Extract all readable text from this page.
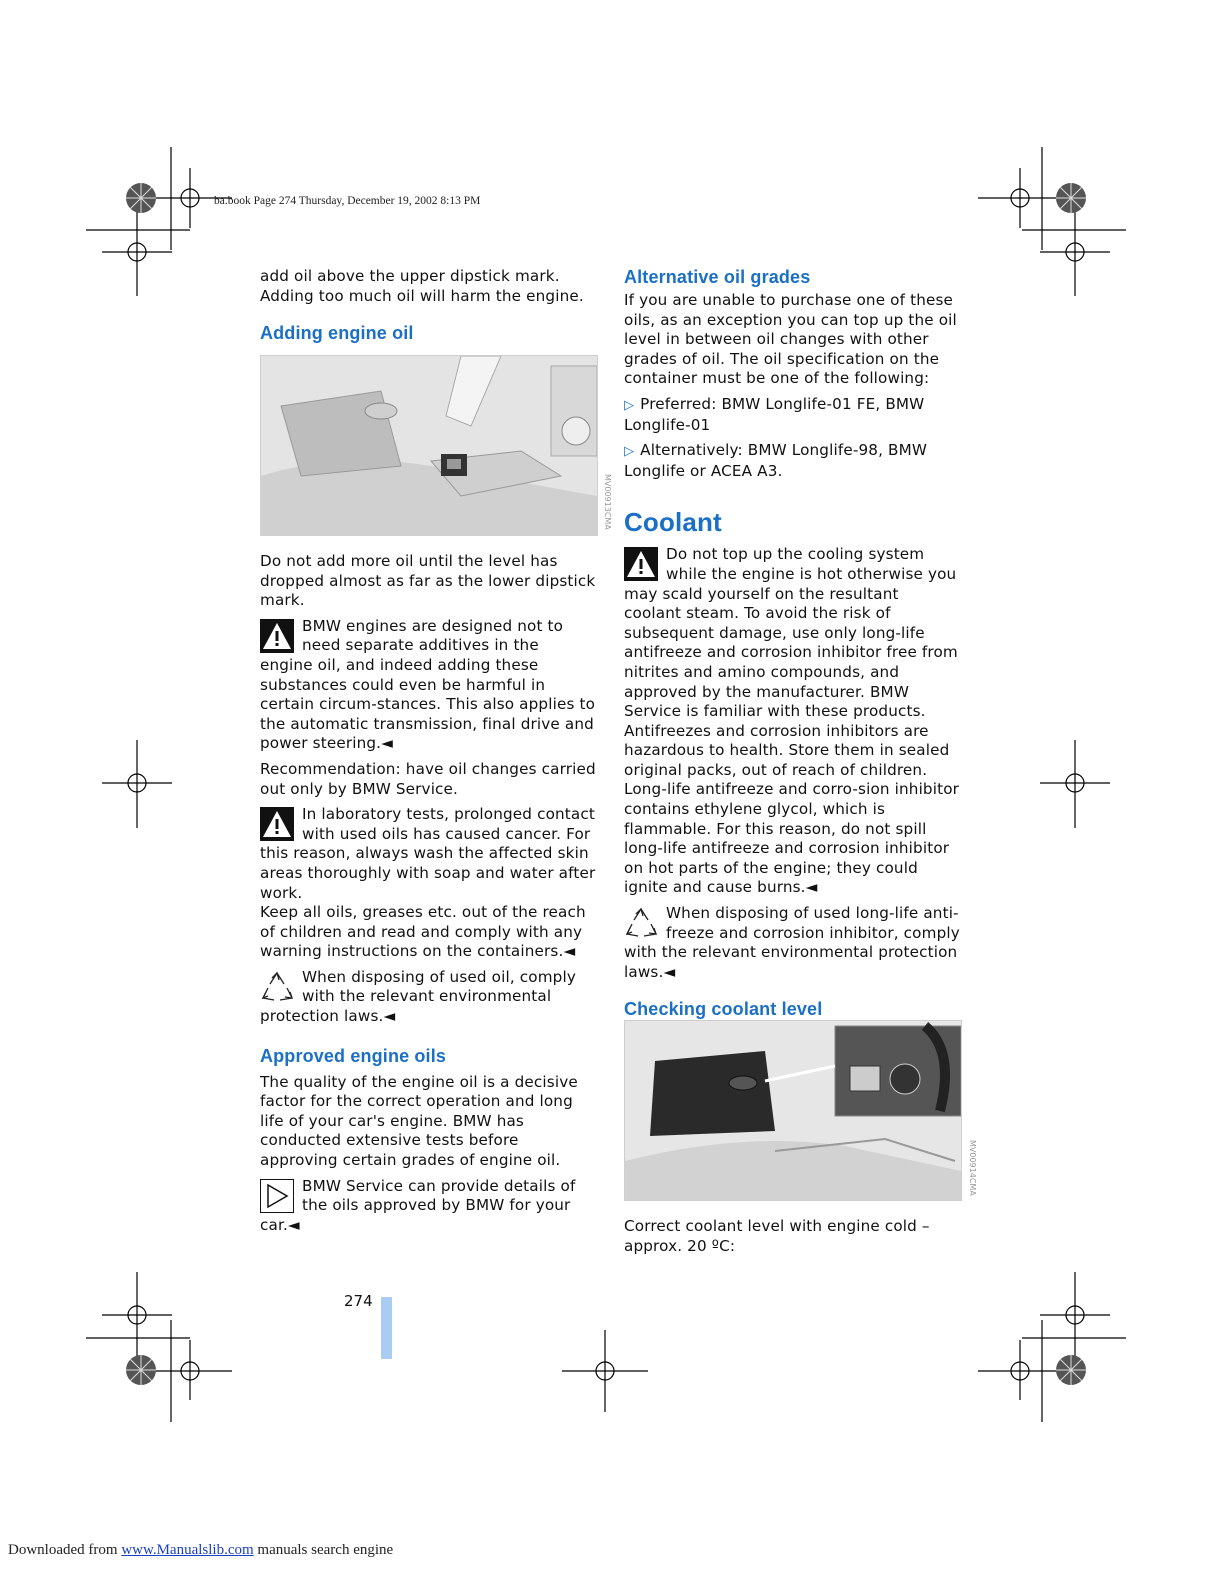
ba.book Page 274 Thursday, December 19, 2002 8:13 PM

add oil above the upper dipstick mark. Adding too much oil will harm the engine.

Adding engine oil
MV00913CMA

Do not add more oil until the level has dropped almost as far as the lower dipstick mark.

BMW engines are designed not to need separate additives in the engine oil, and indeed adding these substances could even be harmful in certain circum-stances. This also applies to the automatic transmission, final drive and power steering.◄

Recommendation: have oil changes carried out only by BMW Service.

In laboratory tests, prolonged contact with used oils has caused cancer. For this reason, always wash the affected skin areas thoroughly with soap and water after work.

Keep all oils, greases etc. out of the reach of children and read and comply with any warning instructions on the containers.◄

When disposing of used oil, comply with the relevant environmental protection laws.◄
Approved engine oils

The quality of the engine oil is a decisive factor for the correct operation and long life of your car's engine. BMW has conducted extensive tests before approving certain grades of engine oil.

BMW Service can provide details of the oils approved by BMW for your car.◄
Alternative oil grades

If you are unable to purchase one of these oils, as an exception you can top up the oil level in between oil changes with other grades of oil. The oil specification on the container must be one of the following:

▷ Preferred: BMW Longlife-01 FE, BMW Longlife-01

▷ Alternatively: BMW Longlife-98, BMW Longlife or ACEA A3.

Coolant
Do not top up the cooling system while the engine is hot otherwise you may scald yourself on the resultant coolant steam. To avoid the risk of subsequent damage, use only long-life antifreeze and corrosion inhibitor free from nitrites and amino compounds, and approved by the manufacturer. BMW Service is familiar with these products. Antifreezes and corrosion inhibitors are hazardous to health. Store them in sealed original packs, out of reach of children. Long-life antifreeze and corro-sion inhibitor contains ethylene glycol, which is flammable. For this reason, do not spill long-life antifreeze and corrosion inhibitor on hot parts of the engine; they could ignite and cause burns.◄
When disposing of used long-life anti-freeze and corrosion inhibitor, comply with the relevant environmental protection laws.◄
Checking coolant level
MV00914CMA

Correct coolant level with engine cold – approx. 20 ºC:

274
Downloaded from www.Manualslib.com manuals search engine
